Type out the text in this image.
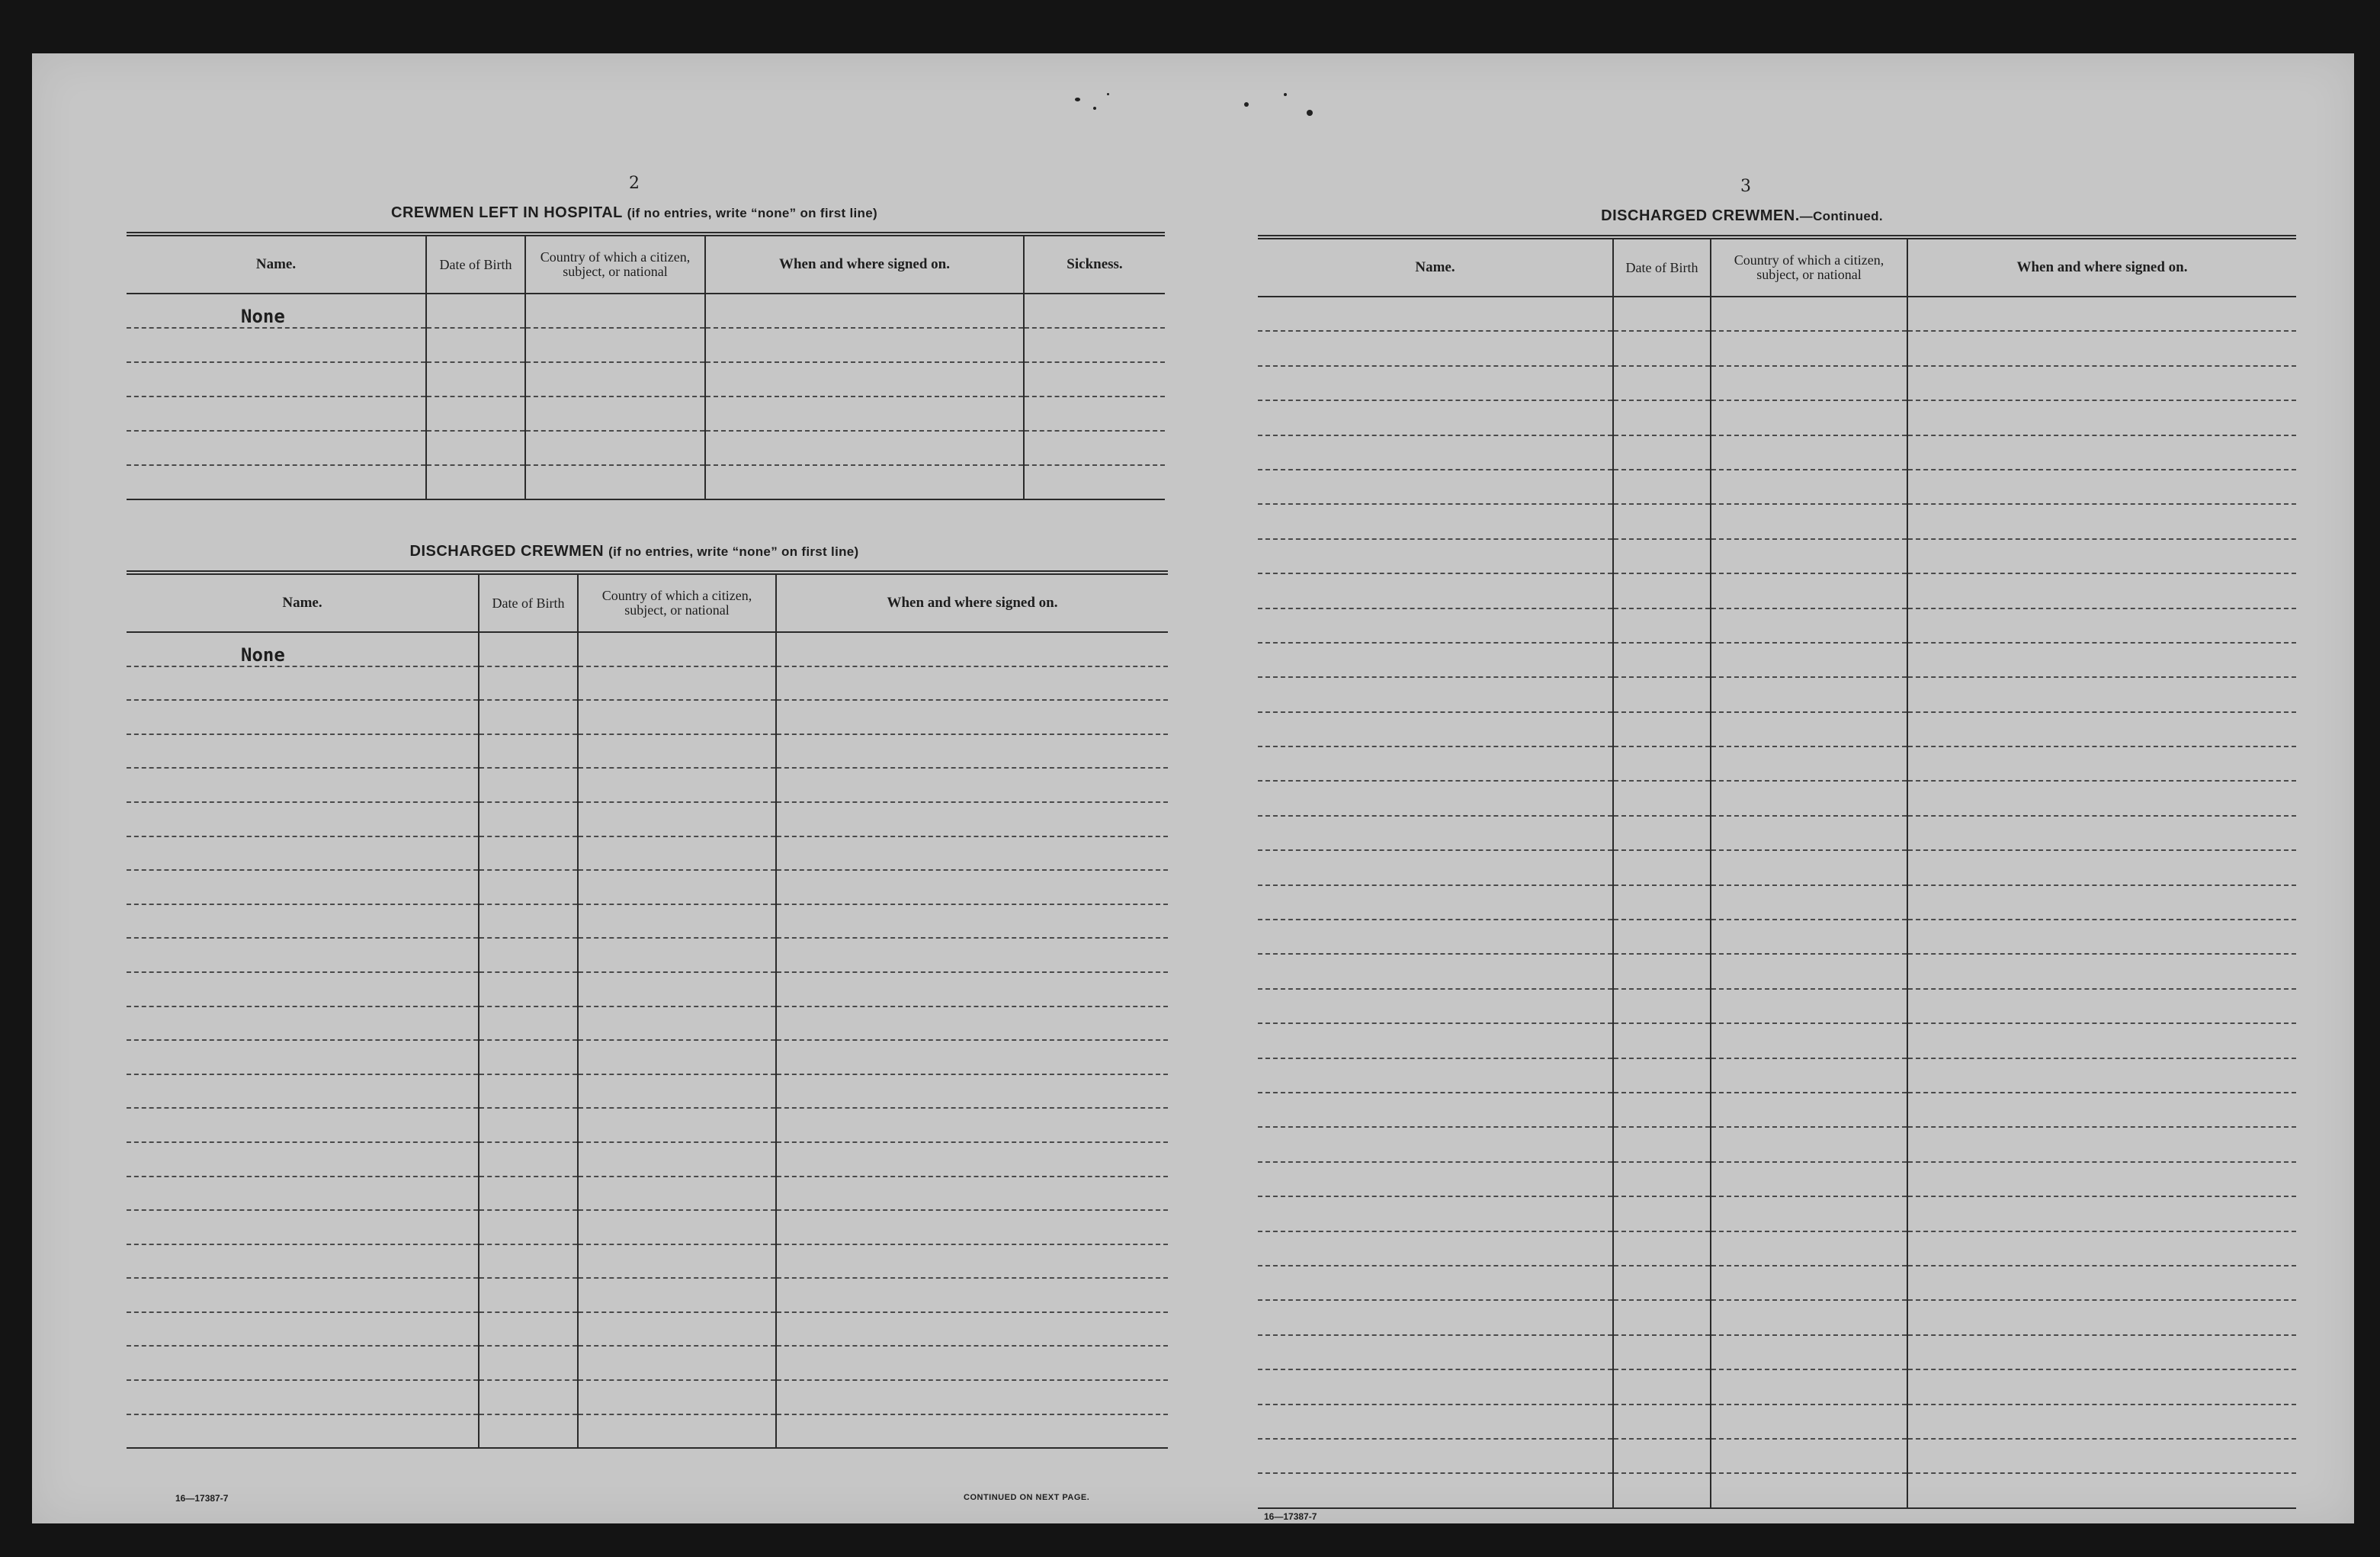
2
CREWMEN LEFT IN HOSPITAL (if no entries, write “none” on first line)
Name.	Date of Birth	Country of which a citizen, subject, or national	When and where signed on.	Sickness.
None				

DISCHARGED CREWMEN (if no entries, write “none” on first line)
Name.	Date of Birth	Country of which a citizen, subject, or national	When and where signed on.
None			

16—17387-7	CONTINUED ON NEXT PAGE.
3
DISCHARGED CREWMEN.—Continued.
Name.	Date of Birth	Country of which a citizen, subject, or national	When and where signed on.

16—17387-7
